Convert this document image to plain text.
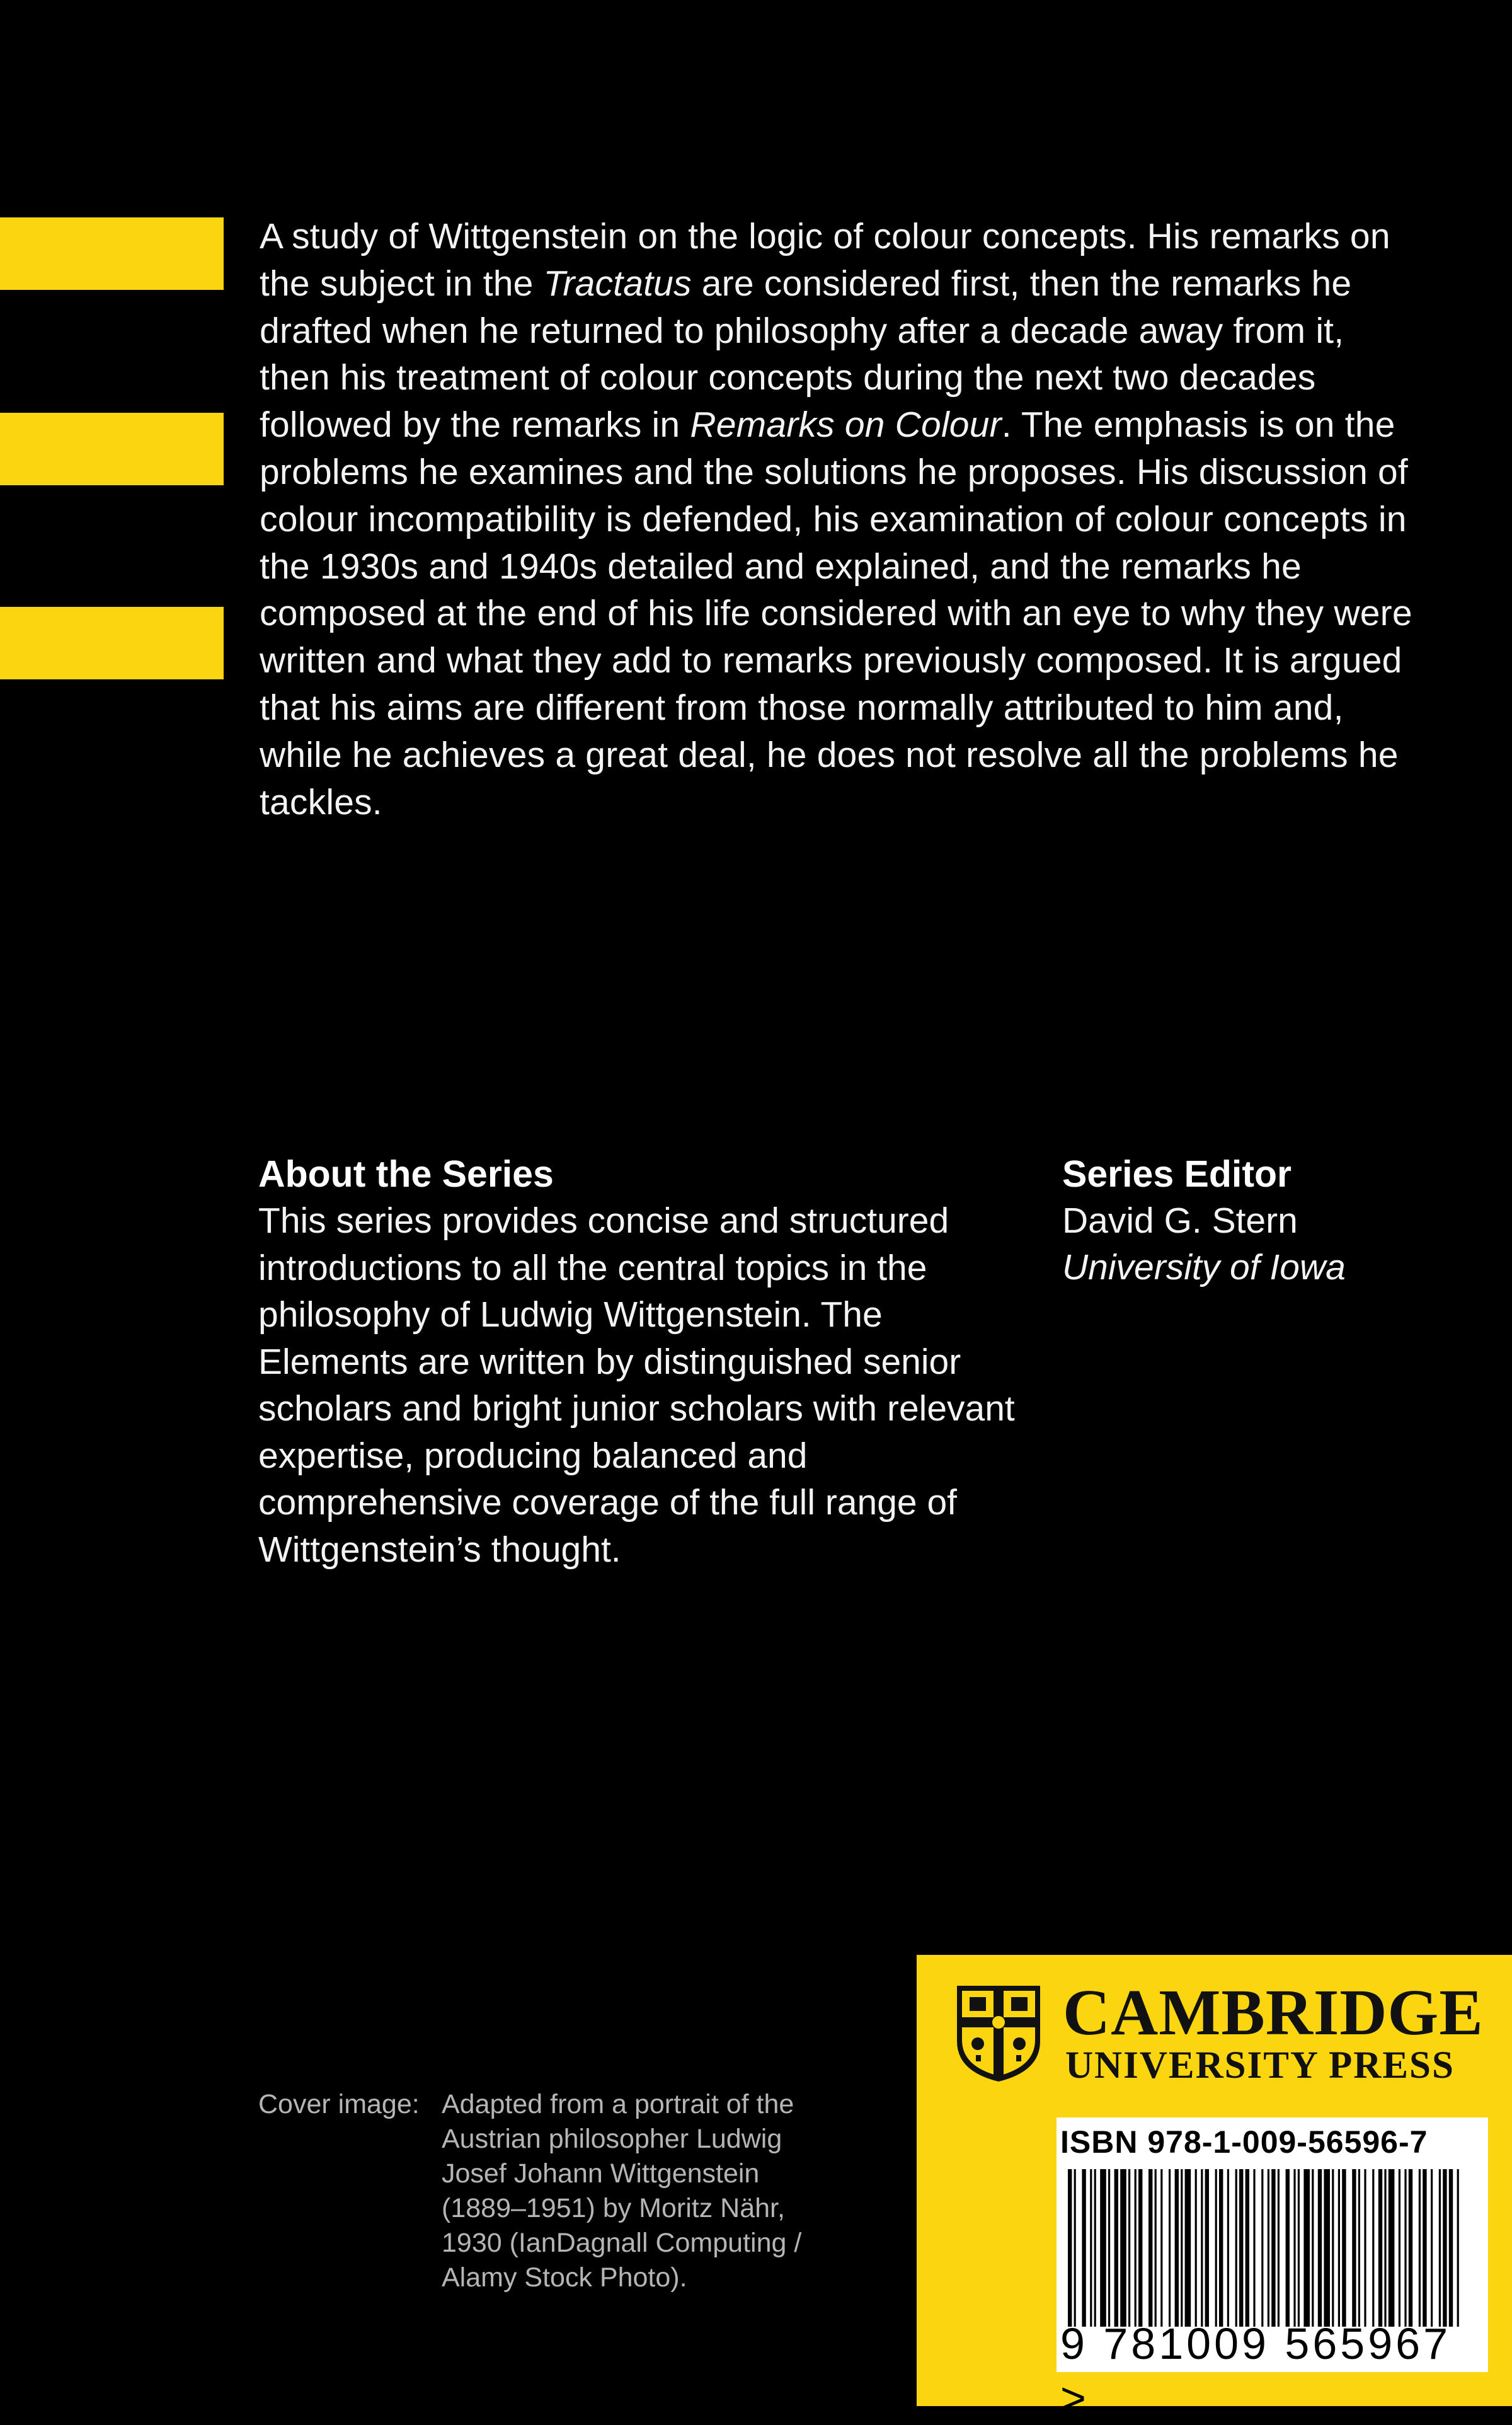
A study of Wittgenstein on the logic of colour concepts. His remarks on the subject in the Tractatus are considered first, then the remarks he drafted when he returned to philosophy after a decade away from it, then his treatment of colour concepts during the next two decades followed by the remarks in Remarks on Colour. The emphasis is on the problems he examines and the solutions he proposes. His discussion of colour incompatibility is defended, his examination of colour concepts in the 1930s and 1940s detailed and explained, and the remarks he composed at the end of his life considered with an eye to why they were written and what they add to remarks previously composed. It is argued that his aims are different from those normally attributed to him and, while he achieves a great deal, he does not resolve all the problems he tackles.

About the Series
This series provides concise and structured introductions to all the central topics in the philosophy of Ludwig Wittgenstein. The Elements are written by distinguished senior scholars and bright junior scholars with relevant expertise, producing balanced and comprehensive coverage of the full range of Wittgenstein’s thought.
Series Editor
David G. Stern
University of Iowa
Cover image: Adapted from a portrait of the Austrian philosopher Ludwig Josef Johann Wittgenstein (1889–1951) by Moritz Nähr, 1930 (IanDagnall Computing / Alamy Stock Photo).
CAMBRIDGE
UNIVERSITY PRESS
ISBN 978-1-009-56596-7
9 781009 565967 >
